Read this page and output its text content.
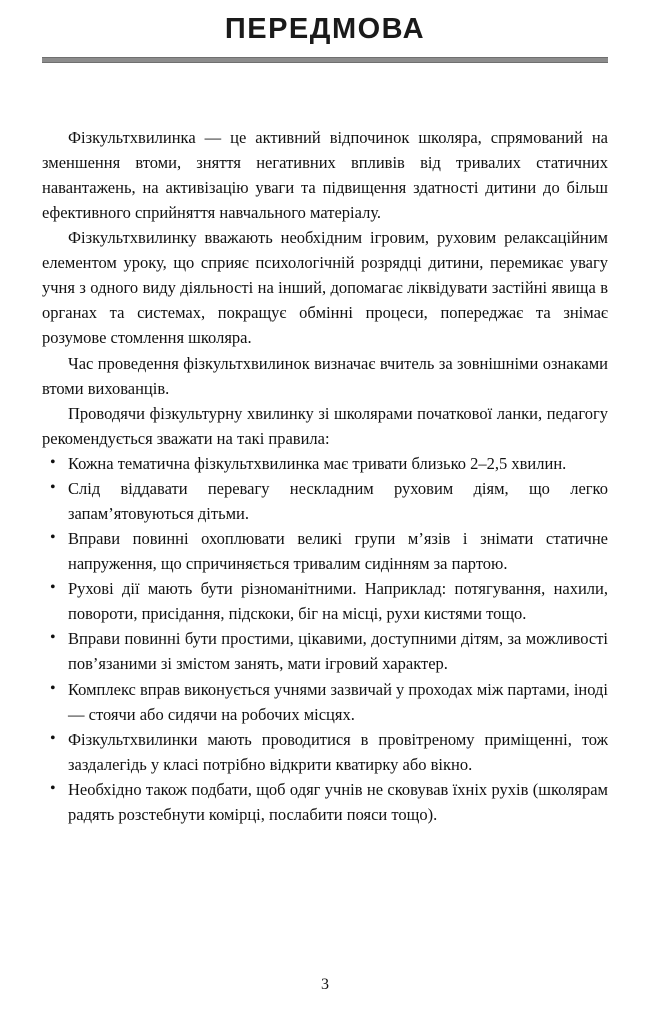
ПЕРЕДМОВА

Фізкультхвилинка — це активний відпочинок школяра, спрямований на зменшення втоми, зняття негативних впливів від тривалих статичних навантажень, на активізацію уваги та підвищення здатності дитини до більш ефективного сприйняття навчального матеріалу.

Фізкультхвилинку вважають необхідним ігровим, руховим релаксаційним елементом уроку, що сприяє психологічній розрядці дитини, перемикає увагу учня з одного виду діяльності на інший, допомагає ліквідувати застійні явища в органах та системах, покращує обмінні процеси, попереджає та знімає розумове стомлення школяра.

Час проведення фізкультхвилинок визначає вчитель за зовнішніми ознаками втоми вихованців.

Проводячи фізкультурну хвилинку зі школярами початкової ланки, педагогу рекомендується зважати на такі правила:

• Кожна тематична фізкультхвилинка має тривати близько 2–2,5 хвилин.
• Слід віддавати перевагу нескладним руховим діям, що легко запам’ятовуються дітьми.
• Вправи повинні охоплювати великі групи м’язів і знімати статичне напруження, що спричиняється тривалим сидінням за партою.
• Рухові дії мають бути різноманітними. Наприклад: потягування, нахили, повороти, присідання, підскоки, біг на місці, рухи кистями тощо.
• Вправи повинні бути простими, цікавими, доступними дітям, за можливості пов’язаними зі змістом занять, мати ігровий характер.
• Комплекс вправ виконується учнями зазвичай у проходах між партами, іноді — стоячи або сидячи на робочих місцях.
• Фізкультхвилинки мають проводитися в провітреному приміщенні, тож заздалегідь у класі потрібно відкрити кватирку або вікно.
• Необхідно також подбати, щоб одяг учнів не сковував їхніх рухів (школярам радять розстебнути комірці, послабити пояси тощо).
3
